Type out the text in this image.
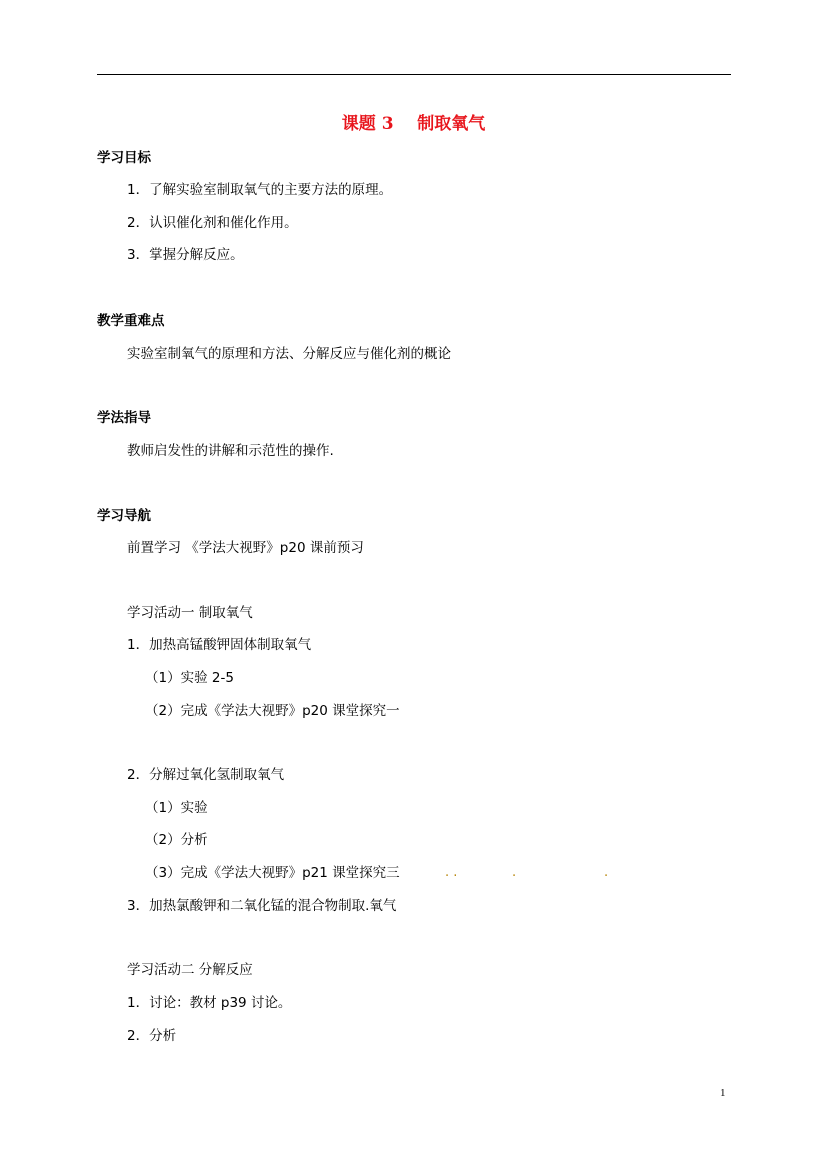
课题 3    制取氧气
学习目标
1．了解实验室制取氧气的主要方法的原理。
2．认识催化剂和催化作用。
3．掌握分解反应。
教学重难点
实验室制氧气的原理和方法、分解反应与催化剂的概论
学法指导
教师启发性的讲解和示范性的操作.
学习导航
前置学习 《学法大视野》p20 课前预习
学习活动一 制取氧气
1．加热高锰酸钾固体制取氧气
（1）实验 2-5
（2）完成《学法大视野》p20 课堂探究一
2．分解过氧化氢制取氧气
（1）实验
（2）分析
（3）完成《学法大视野》p21 课堂探究三	. .	.	.
3．加热氯酸钾和二氧化锰的混合物制取.氧气
学习活动二 分解反应
1．讨论：教材 p39 讨论。
2．分析
1
